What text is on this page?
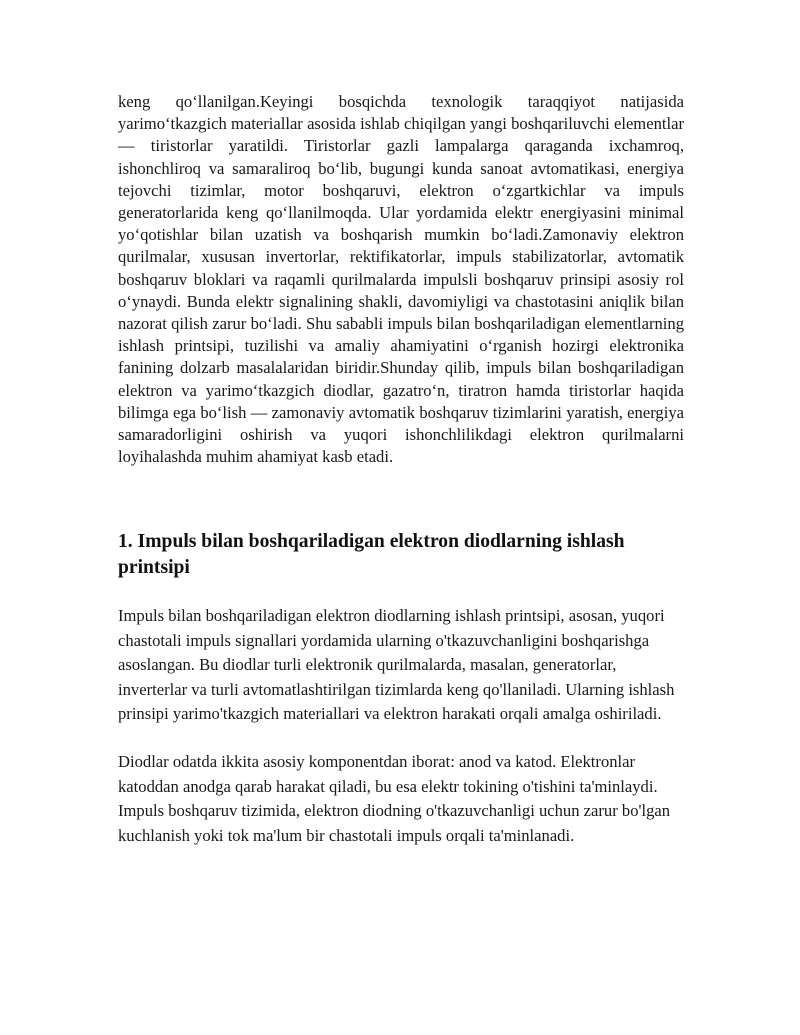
keng qo‘llanilgan.Keyingi bosqichda texnologik taraqqiyot natijasida yarimo‘tkazgich materiallar asosida ishlab chiqilgan yangi boshqariluvchi elementlar — tiristorlar yaratildi. Tiristorlar gazli lampalarga qaraganda ixchamroq, ishonchliroq va samaraliroq bo‘lib, bugungi kunda sanoat avtomatikasi, energiya tejovchi tizimlar, motor boshqaruvi, elektron o‘zgartkichlar va impuls generatorlarida keng qo‘llanilmoqda. Ular yordamida elektr energiyasini minimal yo‘qotishlar bilan uzatish va boshqarish mumkin bo‘ladi.Zamonaviy elektron qurilmalar, xususan invertorlar, rektifikatorlar, impuls stabilizatorlar, avtomatik boshqaruv bloklari va raqamli qurilmalarda impulsli boshqaruv prinsipi asosiy rol o‘ynaydi. Bunda elektr signalining shakli, davomiyligi va chastotasini aniqlik bilan nazorat qilish zarur bo‘ladi. Shu sababli impuls bilan boshqariladigan elementlarning ishlash printsipi, tuzilishi va amaliy ahamiyatini o‘rganish hozirgi elektronika fanining dolzarb masalalaridan biridir.Shunday qilib, impuls bilan boshqariladigan elektron va yarimo‘tkazgich diodlar, gazatro‘n, tiratron hamda tiristorlar haqida bilimga ega bo‘lish — zamonaviy avtomatik boshqaruv tizimlarini yaratish, energiya samaradorligini oshirish va yuqori ishonchlilikdagi elektron qurilmalarni loyihalashda muhim ahamiyat kasb etadi.

1. Impuls bilan boshqariladigan elektron diodlarning ishlash printsipi

Impuls bilan boshqariladigan elektron diodlarning ishlash printsipi, asosan, yuqori chastotali impuls signallari yordamida ularning o'tkazuvchanligini boshqarishga asoslangan. Bu diodlar turli elektronik qurilmalarda, masalan, generatorlar, inverterlar va turli avtomatlashtirilgan tizimlarda keng qo'llaniladi. Ularning ishlash prinsipi yarimo'tkazgich materiallari va elektron harakati orqali amalga oshiriladi.

Diodlar odatda ikkita asosiy komponentdan iborat: anod va katod. Elektronlar katoddan anodga qarab harakat qiladi, bu esa elektr tokining o'tishini ta'minlaydi. Impuls boshqaruv tizimida, elektron diodning o'tkazuvchanligi uchun zarur bo'lgan kuchlanish yoki tok ma'lum bir chastotali impuls orqali ta'minlanadi.
